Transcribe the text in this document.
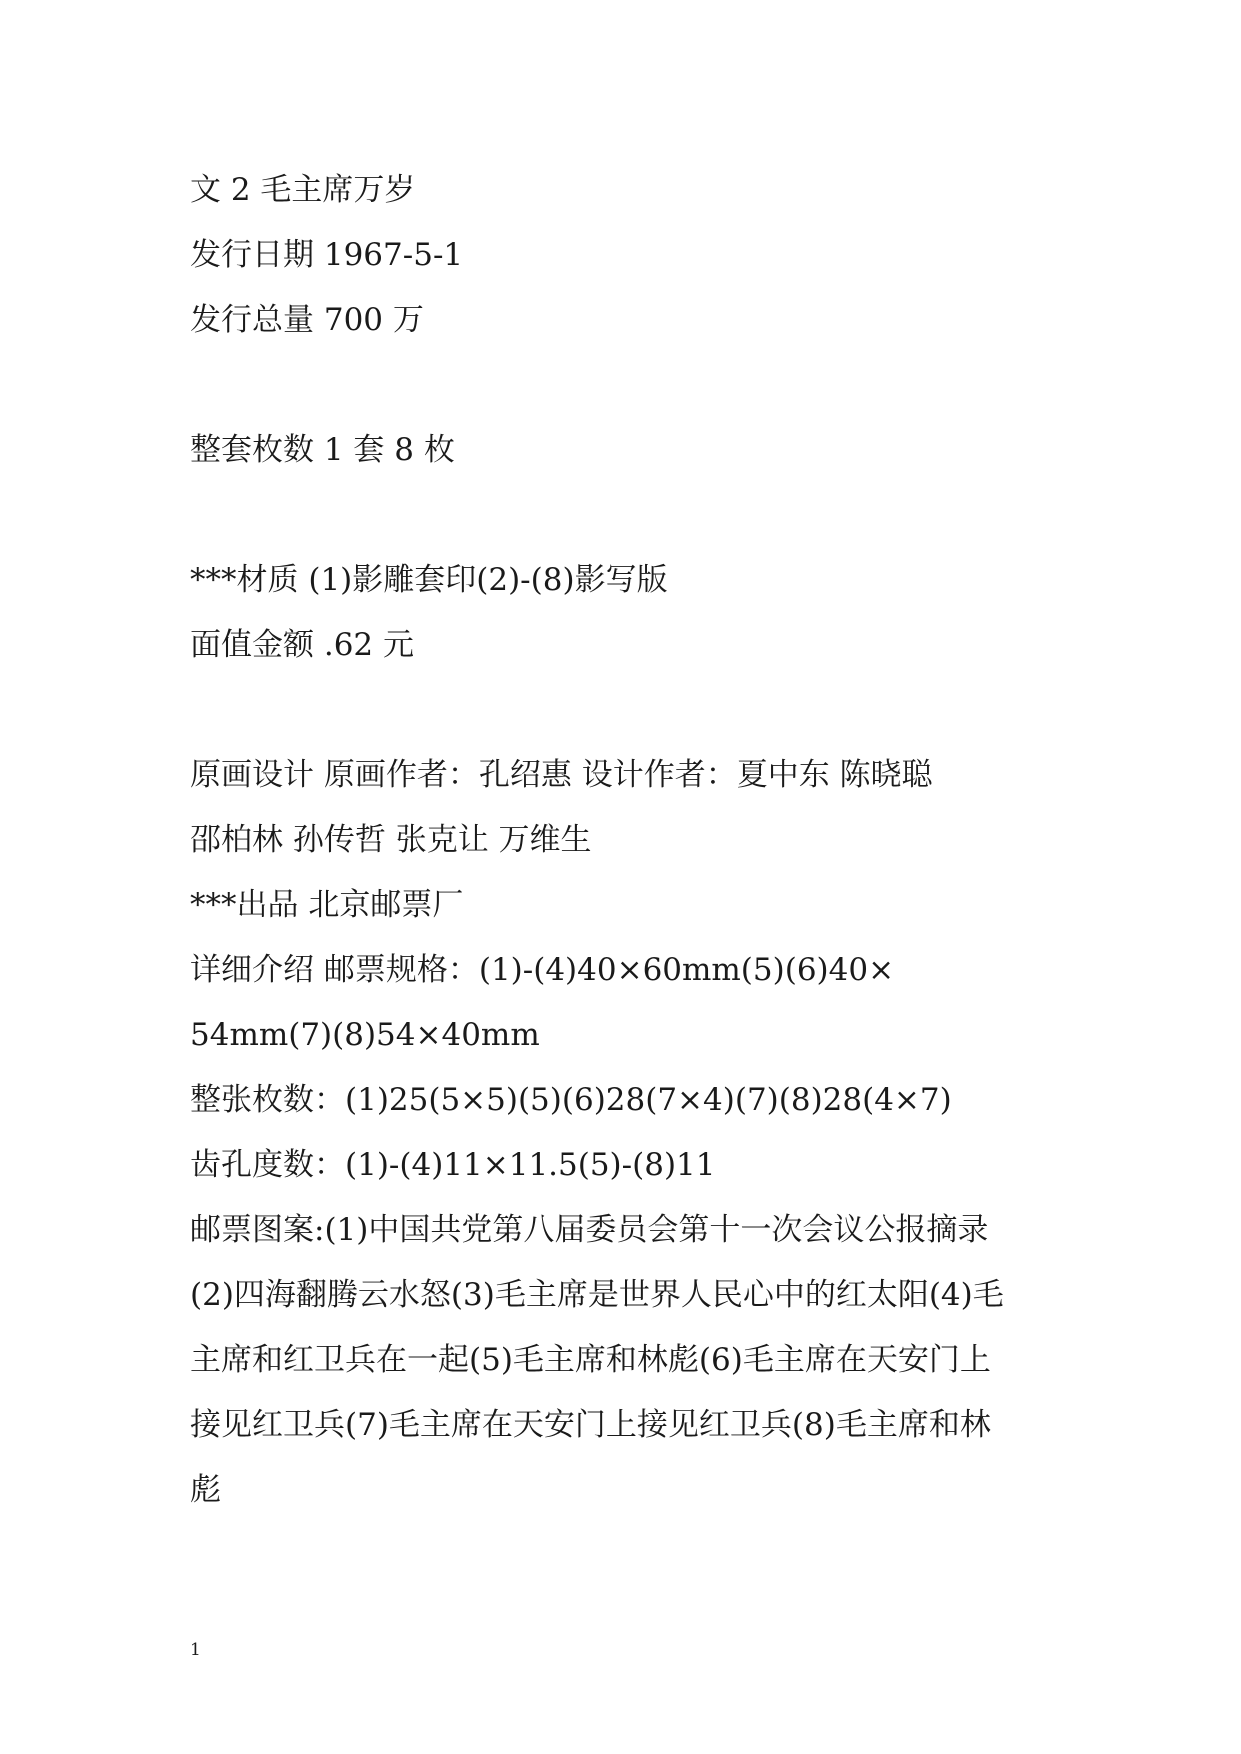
文 2 毛主席万岁
发行日期 1967-5-1
发行总量 700 万
整套枚数 1 套 8 枚
***材质 (1)影雕套印(2)-(8)影写版
面值金额 .62 元
原画设计 原画作者：孔绍惠 设计作者：夏中东 陈晓聪
邵柏林 孙传哲 张克让 万维生
***出品 北京邮票厂
详细介绍 邮票规格：(1)-(4)40×60mm(5)(6)40×
54mm(7)(8)54×40mm
整张枚数：(1)25(5×5)(5)(6)28(7×4)(7)(8)28(4×7)
齿孔度数：(1)-(4)11×11.5(5)-(8)11
邮票图案:(1)中国共党第八届委员会第十一次会议公报摘录
(2)四海翻腾云水怒(3)毛主席是世界人民心中的红太阳(4)毛
主席和红卫兵在一起(5)毛主席和林彪(6)毛主席在天安门上
接见红卫兵(7)毛主席在天安门上接见红卫兵(8)毛主席和林
彪
1
